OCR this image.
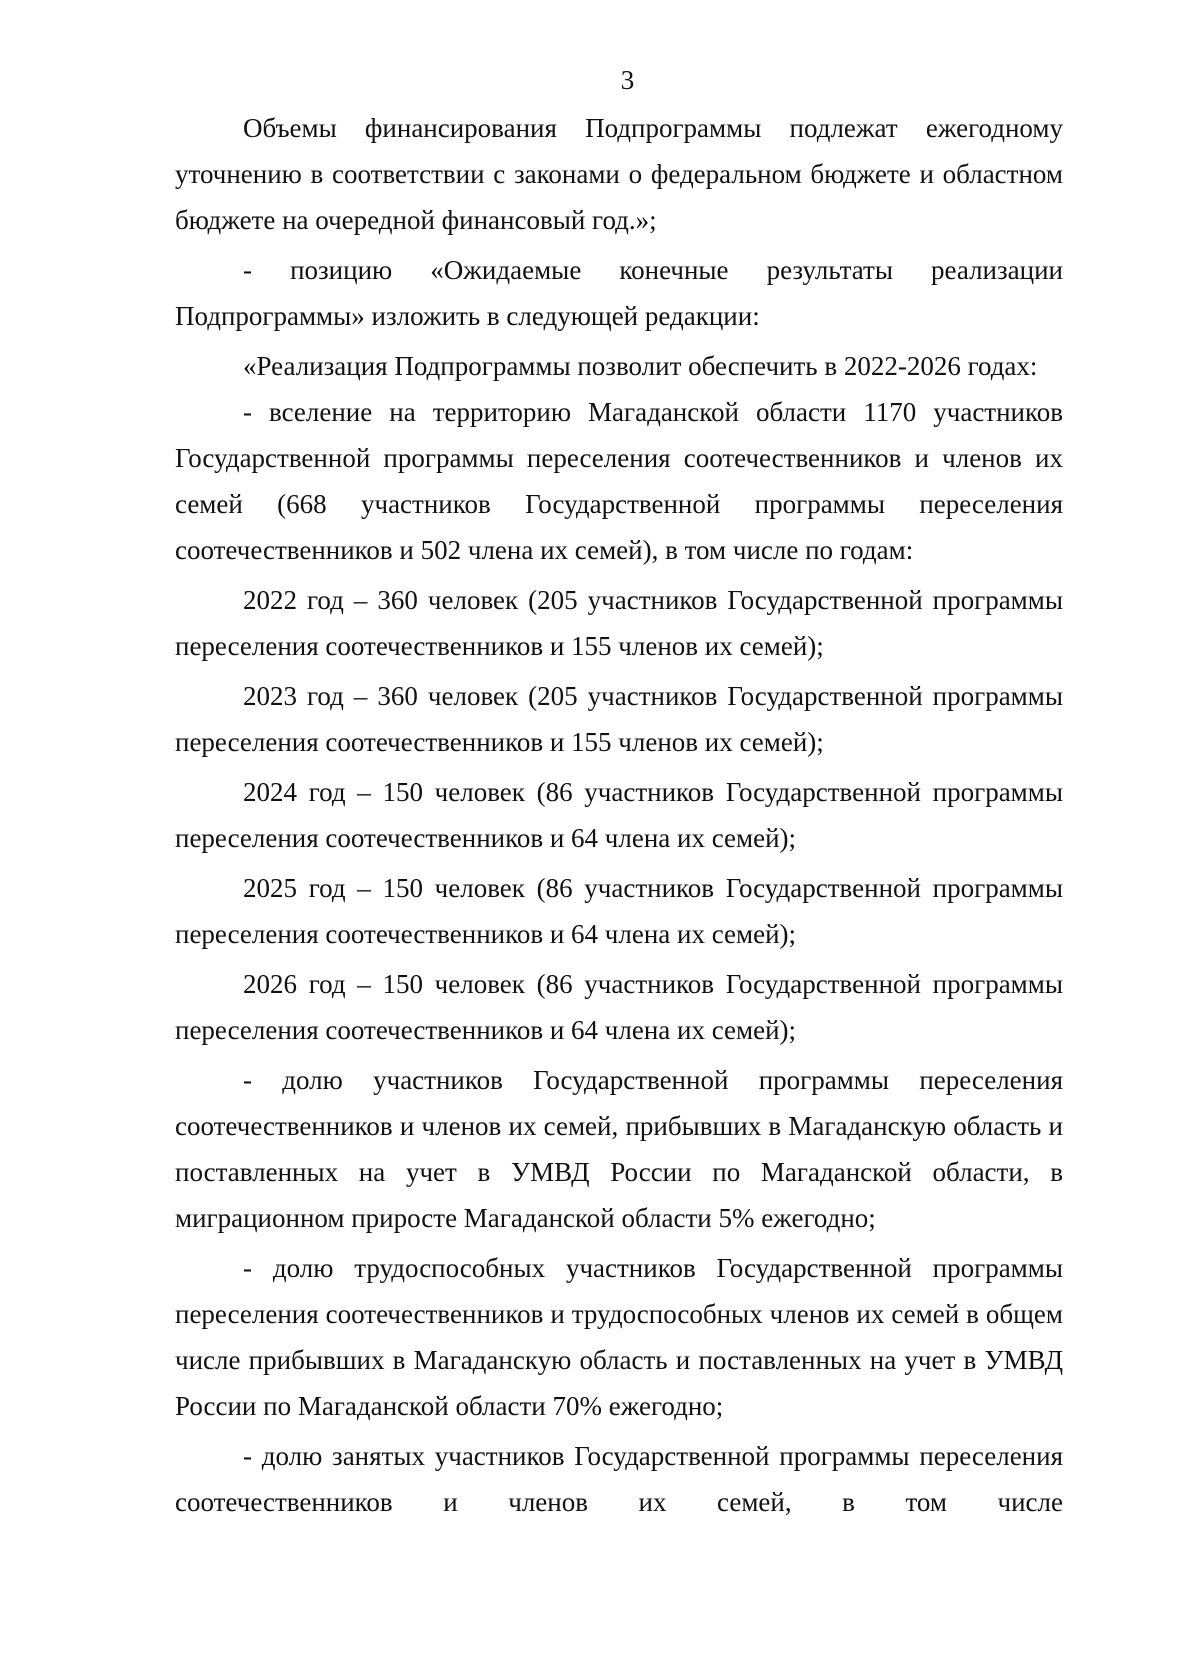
3

Объемы финансирования Подпрограммы подлежат ежегодному уточнению в соответствии с законами о федеральном бюджете и областном бюджете на очередной финансовый год.»;

- позицию «Ожидаемые конечные результаты реализации Подпрограммы» изложить в следующей редакции:

«Реализация Подпрограммы позволит обеспечить в 2022-2026 годах:

- вселение на территорию Магаданской области 1170 участников Государственной программы переселения соотечественников и членов их семей (668 участников Государственной программы переселения соотечественников и 502 члена их семей), в том числе по годам:

2022 год – 360 человек (205 участников Государственной программы переселения соотечественников и 155 членов их семей);

2023 год – 360 человек (205 участников Государственной программы переселения соотечественников и 155 членов их семей);

2024 год – 150 человек (86 участников Государственной программы переселения соотечественников и 64 члена их семей);

2025 год – 150 человек (86 участников Государственной программы переселения соотечественников и 64 члена их семей);

2026 год – 150 человек (86 участников Государственной программы переселения соотечественников и 64 члена их семей);

- долю участников Государственной программы переселения соотечественников и членов их семей, прибывших в Магаданскую область и поставленных на учет в УМВД России по Магаданской области, в миграционном приросте Магаданской области 5% ежегодно;

- долю трудоспособных участников Государственной программы переселения соотечественников и трудоспособных членов их семей в общем числе прибывших в Магаданскую область и поставленных на учет в УМВД России по Магаданской области 70% ежегодно;

- долю занятых участников Государственной программы переселения соотечественников и членов их семей, в том числе
